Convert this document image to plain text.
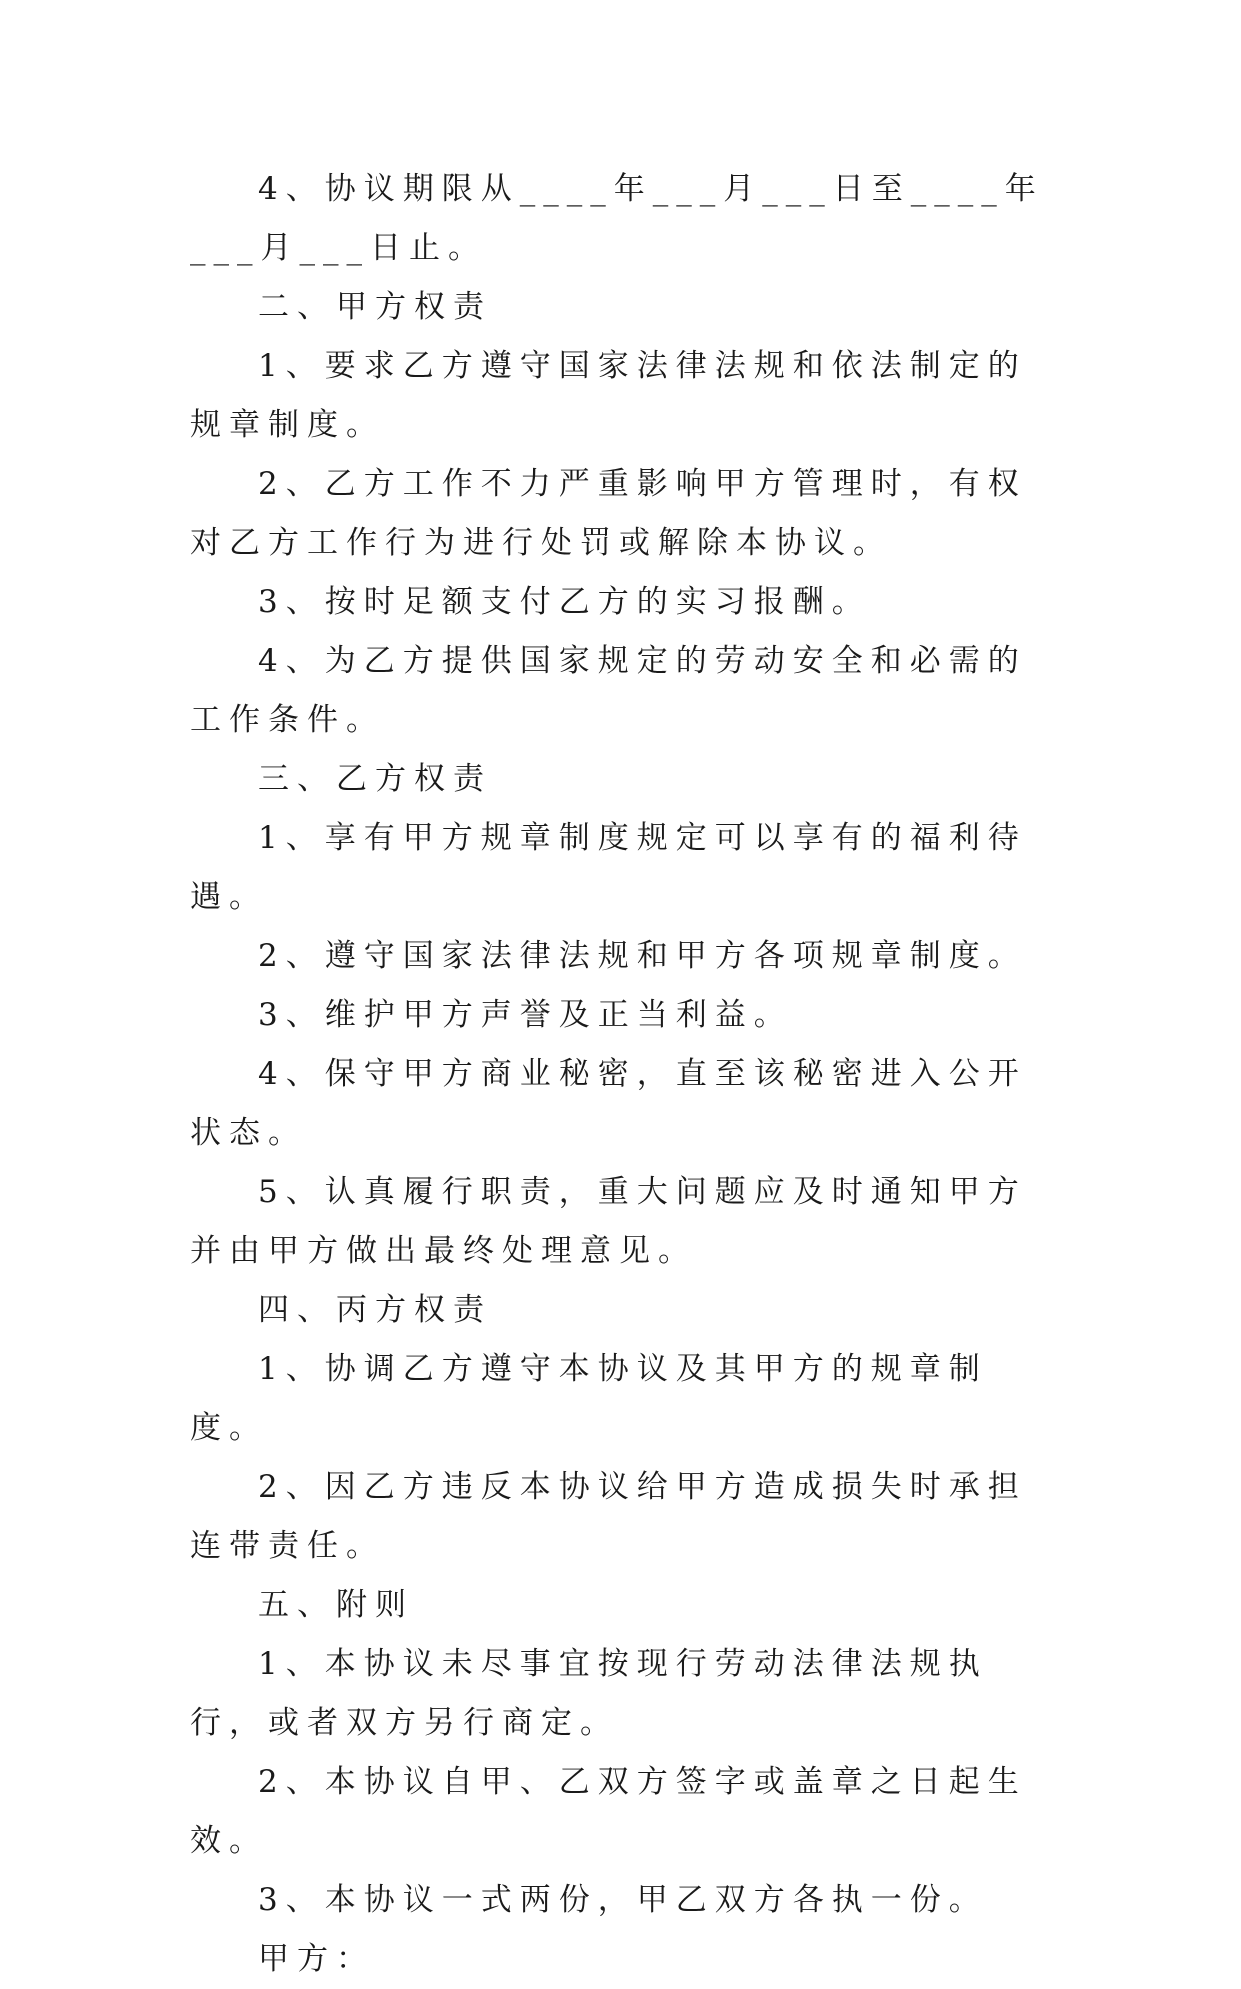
4、协议期限从____年___月___日至____年___月___日止。

二、甲方权责

1、要求乙方遵守国家法律法规和依法制定的规章制度。

2、乙方工作不力严重影响甲方管理时，有权对乙方工作行为进行处罚或解除本协议。

3、按时足额支付乙方的实习报酬。

4、为乙方提供国家规定的劳动安全和必需的工作条件。

三、乙方权责

1、享有甲方规章制度规定可以享有的福利待遇。

2、遵守国家法律法规和甲方各项规章制度。

3、维护甲方声誉及正当利益。

4、保守甲方商业秘密，直至该秘密进入公开状态。

5、认真履行职责，重大问题应及时通知甲方并由甲方做出最终处理意见。

四、丙方权责

1、协调乙方遵守本协议及其甲方的规章制度。

2、因乙方违反本协议给甲方造成损失时承担连带责任。

五、附则

1、本协议未尽事宜按现行劳动法律法规执行，或者双方另行商定。

2、本协议自甲、乙双方签字或盖章之日起生效。

3、本协议一式两份，甲乙双方各执一份。

甲方：
